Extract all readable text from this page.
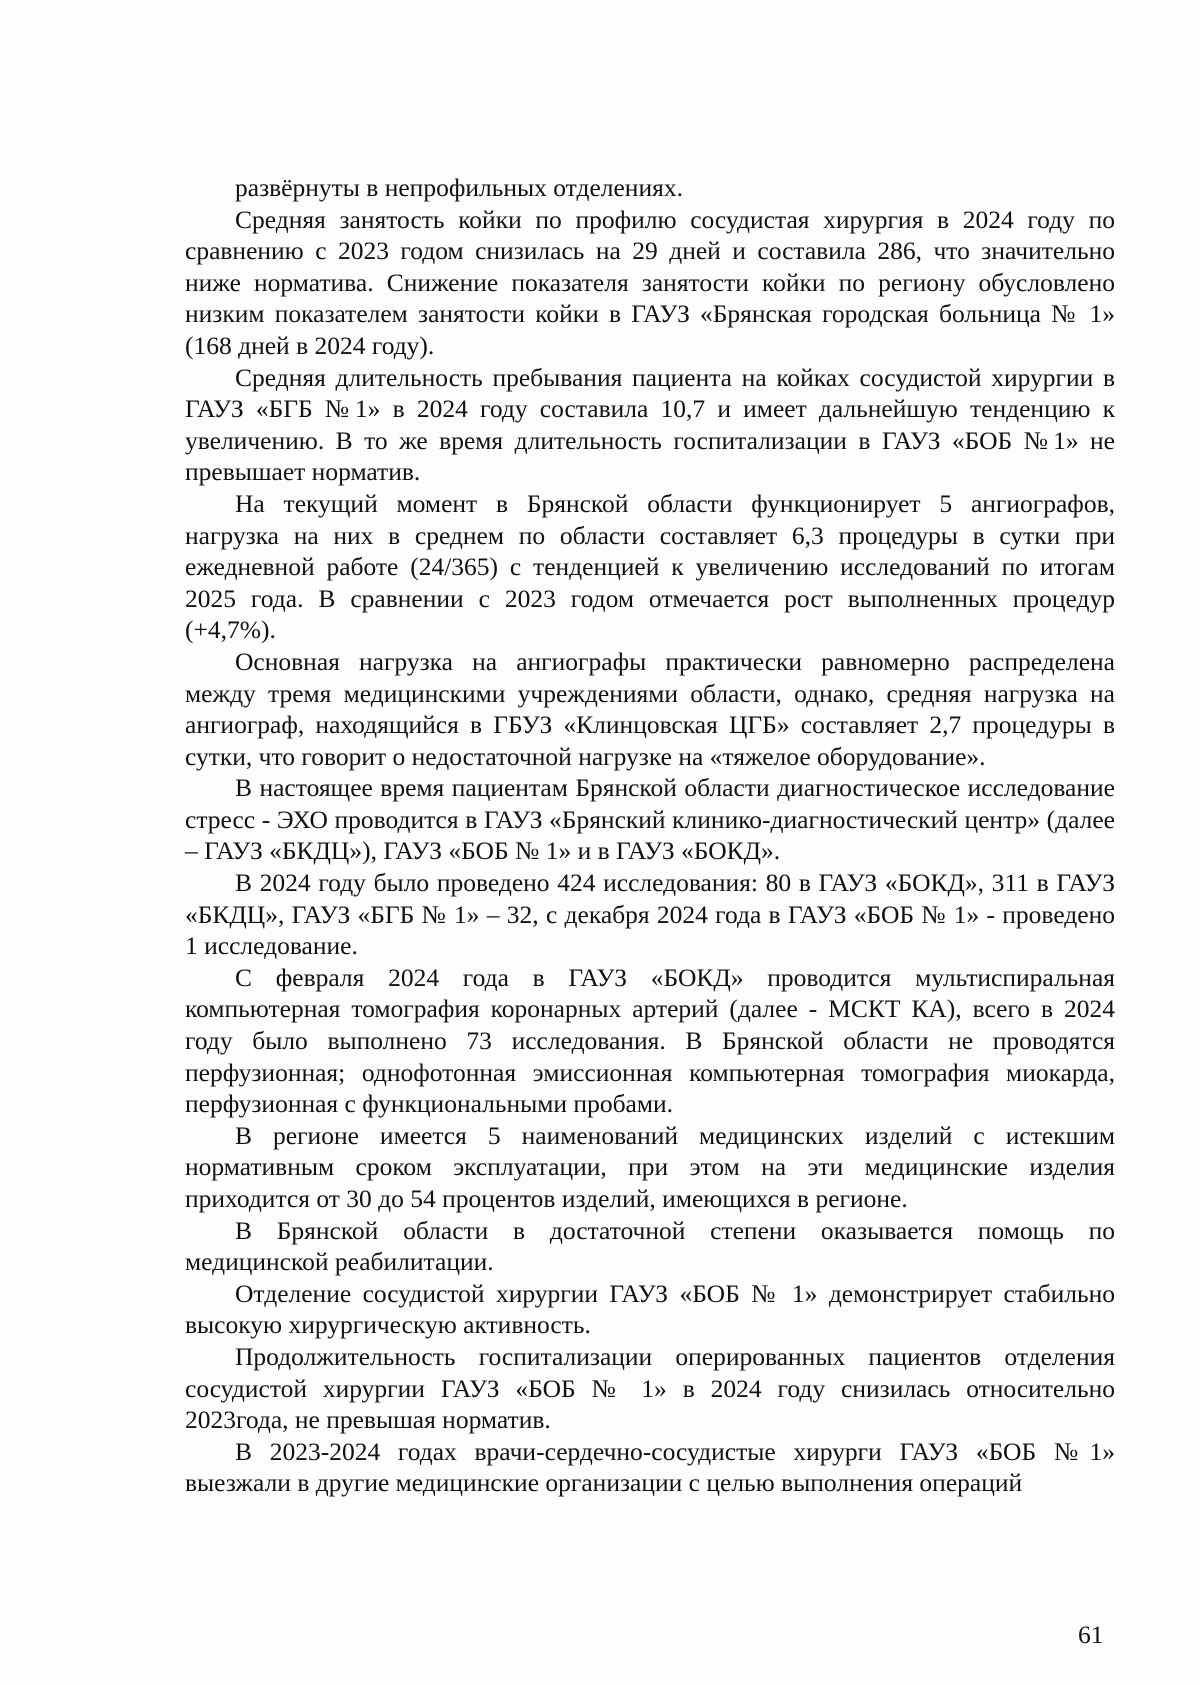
развёрнуты в непрофильных отделениях.

Средняя занятость койки по профилю сосудистая хирургия в 2024 году по сравнению с 2023 годом снизилась на 29 дней и составила 286, что значительно ниже норматива. Снижение показателя занятости койки по региону обусловлено низким показателем занятости койки в ГАУЗ «Брянская городская больница № 1» (168 дней в 2024 году).

Средняя длительность пребывания пациента на койках сосудистой хирургии в ГАУЗ «БГБ №1» в 2024 году составила 10,7 и имеет дальнейшую тенденцию к увеличению. В то же время длительность госпитализации в ГАУЗ «БОБ №1» не превышает норматив.

На текущий момент в Брянской области функционирует 5 ангиографов, нагрузка на них в среднем по области составляет 6,3 процедуры в сутки при ежедневной работе (24/365) с тенденцией к увеличению исследований по итогам 2025 года. В сравнении с 2023 годом отмечается рост выполненных процедур (+4,7%).

Основная нагрузка на ангиографы практически равномерно распределена между тремя медицинскими учреждениями области, однако, средняя нагрузка на ангиограф, находящийся в ГБУЗ «Клинцовская ЦГБ» составляет 2,7 процедуры в сутки, что говорит о недостаточной нагрузке на «тяжелое оборудование».

В настоящее время пациентам Брянской области диагностическое исследование стресс - ЭХО проводится в ГАУЗ «Брянский клинико-диагностический центр» (далее – ГАУЗ «БКДЦ»), ГАУЗ «БОБ № 1» и в ГАУЗ «БОКД».

В 2024 году было проведено 424 исследования: 80 в ГАУЗ «БОКД», 311 в ГАУЗ «БКДЦ», ГАУЗ «БГБ № 1» – 32, с декабря 2024 года в ГАУЗ «БОБ № 1» - проведено 1 исследование.

С февраля 2024 года в ГАУЗ «БОКД» проводится мультиспиральная компьютерная томография коронарных артерий (далее - МСКТ КА), всего в 2024 году было выполнено 73 исследования. В Брянской области не проводятся перфузионная; однофотонная эмиссионная компьютерная томография миокарда, перфузионная с функциональными пробами.

В регионе имеется 5 наименований медицинских изделий с истекшим нормативным сроком эксплуатации, при этом на эти медицинские изделия приходится от 30 до 54 процентов изделий, имеющихся в регионе.

В Брянской области в достаточной степени оказывается помощь по медицинской реабилитации.

Отделение сосудистой хирургии ГАУЗ «БОБ № 1» демонстрирует стабильно высокую хирургическую активность.

Продолжительность госпитализации оперированных пациентов отделения сосудистой хирургии ГАУЗ «БОБ № 1» в 2024 году снизилась относительно 2023года, не превышая норматив.

В 2023-2024 годах врачи-сердечно-сосудистые хирурги ГАУЗ «БОБ №1» выезжали в другие медицинские организации с целью выполнения операций

61
